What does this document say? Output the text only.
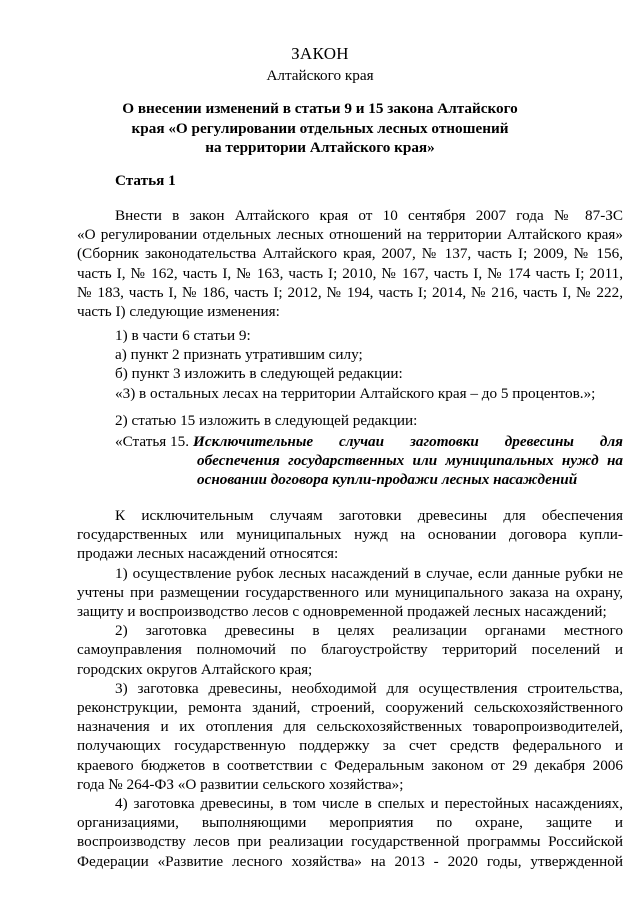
ЗАКОН
Алтайского края
О внесении изменений в статьи 9 и 15 закона Алтайского
края «О регулировании отдельных лесных отношений
на территории Алтайского края»
Статья 1
Внести в закон Алтайского края от 10 сентября 2007 года № 87-ЗС
«О регулировании отдельных лесных отношений на территории Алтайского края»
(Сборник законодательства Алтайского края, 2007, № 137, часть I; 2009, № 156,
часть I, № 162, часть I, № 163, часть I; 2010, № 167, часть I, № 174 часть I; 2011,
№ 183, часть I, № 186, часть I; 2012, № 194, часть I; 2014, № 216, часть I, № 222,
часть I) следующие изменения:
1) в части 6 статьи 9:
а) пункт 2 признать утратившим силу;
б) пункт 3 изложить в следующей редакции:
«3) в остальных лесах на территории Алтайского края – до 5 процентов.»;
2) статью 15 изложить в следующей редакции:
«Статья 15. Исключительные случаи заготовки древесины для
обеспечения государственных или муниципальных нужд на
основании договора купли-продажи лесных насаждений
К исключительным случаям заготовки древесины для обеспечения
государственных или муниципальных нужд на основании договора купли-
продажи лесных насаждений относятся:
1) осуществление рубок лесных насаждений в случае, если данные рубки не
учтены при размещении государственного или муниципального заказа на охрану,
защиту и воспроизводство лесов с одновременной продажей лесных насаждений;
2) заготовка древесины в целях реализации органами местного
самоуправления полномочий по благоустройству территорий поселений и
городских округов Алтайского края;
3) заготовка древесины, необходимой для осуществления строительства,
реконструкции, ремонта зданий, строений, сооружений сельскохозяйственного
назначения и их отопления для сельскохозяйственных товаропроизводителей,
получающих государственную поддержку за счет средств федерального и
краевого бюджетов в соответствии с Федеральным законом от 29 декабря 2006
года № 264-ФЗ «О развитии сельского хозяйства»;
4) заготовка древесины, в том числе в спелых и перестойных насаждениях,
организациями, выполняющими мероприятия по охране, защите и
воспроизводству лесов при реализации государственной программы Российской
Федерации «Развитие лесного хозяйства» на 2013 - 2020 годы, утвержденной
